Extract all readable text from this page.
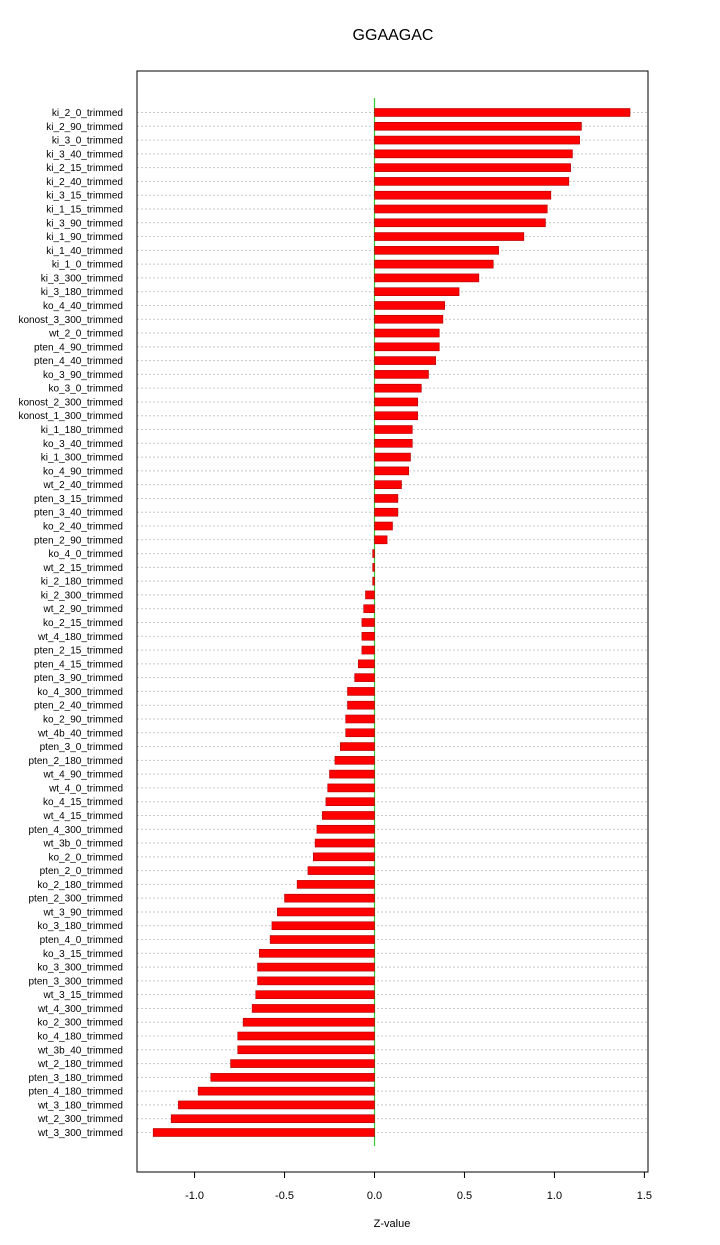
GGAAGAC
ki_2_0_trimmed
ki_2_90_trimmed
ki_3_0_trimmed
ki_3_40_trimmed
ki_2_15_trimmed
ki_2_40_trimmed
ki_3_15_trimmed
ki_1_15_trimmed
ki_3_90_trimmed
ki_1_90_trimmed
ki_1_40_trimmed
ki_1_0_trimmed
ki_3_300_trimmed
ki_3_180_trimmed
ko_4_40_trimmed
konost_3_300_trimmed
wt_2_0_trimmed
pten_4_90_trimmed
pten_4_40_trimmed
ko_3_90_trimmed
ko_3_0_trimmed
konost_2_300_trimmed
konost_1_300_trimmed
ki_1_180_trimmed
ko_3_40_trimmed
ki_1_300_trimmed
ko_4_90_trimmed
wt_2_40_trimmed
pten_3_15_trimmed
pten_3_40_trimmed
ko_2_40_trimmed
pten_2_90_trimmed
ko_4_0_trimmed
wt_2_15_trimmed
ki_2_180_trimmed
ki_2_300_trimmed
wt_2_90_trimmed
ko_2_15_trimmed
wt_4_180_trimmed
pten_2_15_trimmed
pten_4_15_trimmed
pten_3_90_trimmed
ko_4_300_trimmed
pten_2_40_trimmed
ko_2_90_trimmed
wt_4b_40_trimmed
pten_3_0_trimmed
pten_2_180_trimmed
wt_4_90_trimmed
wt_4_0_trimmed
ko_4_15_trimmed
wt_4_15_trimmed
pten_4_300_trimmed
wt_3b_0_trimmed
ko_2_0_trimmed
pten_2_0_trimmed
ko_2_180_trimmed
pten_2_300_trimmed
wt_3_90_trimmed
ko_3_180_trimmed
pten_4_0_trimmed
ko_3_15_trimmed
ko_3_300_trimmed
pten_3_300_trimmed
wt_3_15_trimmed
wt_4_300_trimmed
ko_2_300_trimmed
ko_4_180_trimmed
wt_3b_40_trimmed
wt_2_180_trimmed
pten_3_180_trimmed
pten_4_180_trimmed
wt_3_180_trimmed
wt_2_300_trimmed
wt_3_300_trimmed
-1.0	-0.5	0.0	0.5	1.0	1.5
Z-value
